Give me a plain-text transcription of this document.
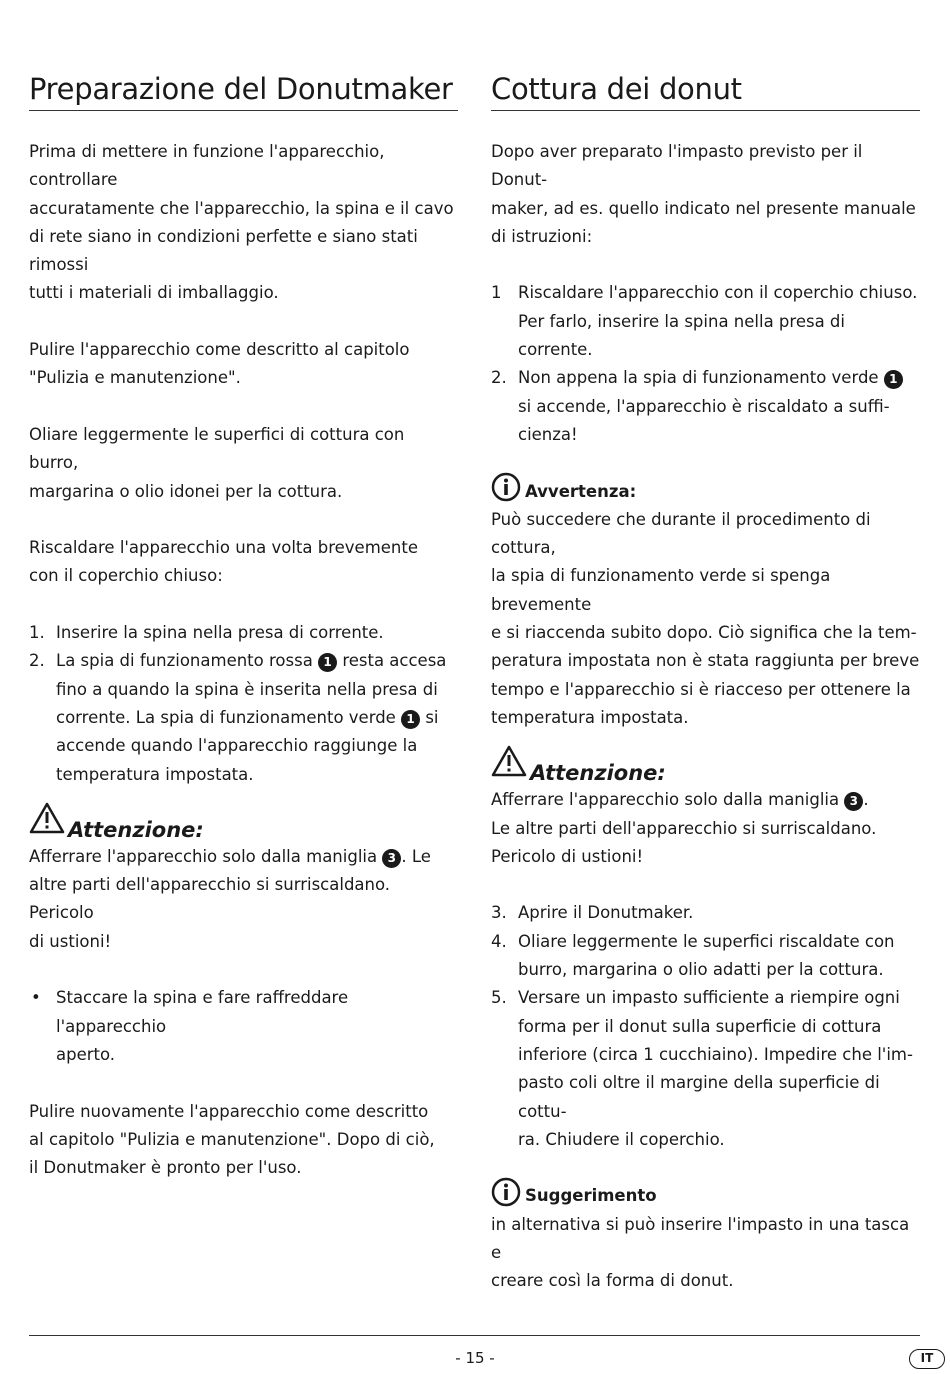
Preparazione del Donutmaker

Prima di mettere in funzione l'apparecchio, controllare
accuratamente che l'apparecchio, la spina e il cavo
di rete siano in condizioni perfette e siano stati rimossi
tutti i materiali di imballaggio.

Pulire l'apparecchio come descritto al capitolo
"Pulizia e manutenzione".

Oliare leggermente le superfici di cottura con burro,
margarina o olio idonei per la cottura.

Riscaldare l'apparecchio una volta brevemente
con il coperchio chiuso:

1. Inserire la spina nella presa di corrente.
2. La spia di funzionamento rossa 1 resta accesa
fino a quando la spina è inserita nella presa di
corrente. La spia di funzionamento verde 1 si
accende quando l'apparecchio raggiunge la
temperatura impostata.
Attenzione:

Afferrare l'apparecchio solo dalla maniglia 3 . Le
altre parti dell'apparecchio si surriscaldano. Pericolo
di ustioni!

• Staccare la spina e fare raffreddare l'apparecchio
aperto.

Pulire nuovamente l'apparecchio come descritto
al capitolo "Pulizia e manutenzione". Dopo di ciò,
il Donutmaker è pronto per l'uso.

Cottura dei donut

Dopo aver preparato l'impasto previsto per il Donut-
maker, ad es. quello indicato nel presente manuale
di istruzioni:

1	Riscaldare l'apparecchio con il coperchio chiuso.
Per farlo, inserire la spina nella presa di corrente.
2. Non appena la spia di funzionamento verde 1
si accende, l'apparecchio è riscaldato a suffi-
cienza!
Avvertenza:

Può succedere che durante il procedimento di cottura,
la spia di funzionamento verde si spenga brevemente
e si riaccenda subito dopo. Ciò significa che la tem-
peratura impostata non è stata raggiunta per breve
tempo e l'apparecchio si è riacceso per ottenere la
temperatura impostata.

Attenzione:

Afferrare l'apparecchio solo dalla maniglia 3 .
Le altre parti dell'apparecchio si surriscaldano.
Pericolo di ustioni!

3. Aprire il Donutmaker.
4. Oliare leggermente le superfici riscaldate con
burro, margarina o olio adatti per la cottura.
5. Versare un impasto sufficiente a riempire ogni
forma per il donut sulla superficie di cottura
inferiore (circa 1 cucchiaino). Impedire che l'im-
pasto coli oltre il margine della superficie di cottu-
ra. Chiudere il coperchio.
Suggerimento

in alternativa si può inserire l'impasto in una tasca e
creare così la forma di donut.

- 15 -	IT
